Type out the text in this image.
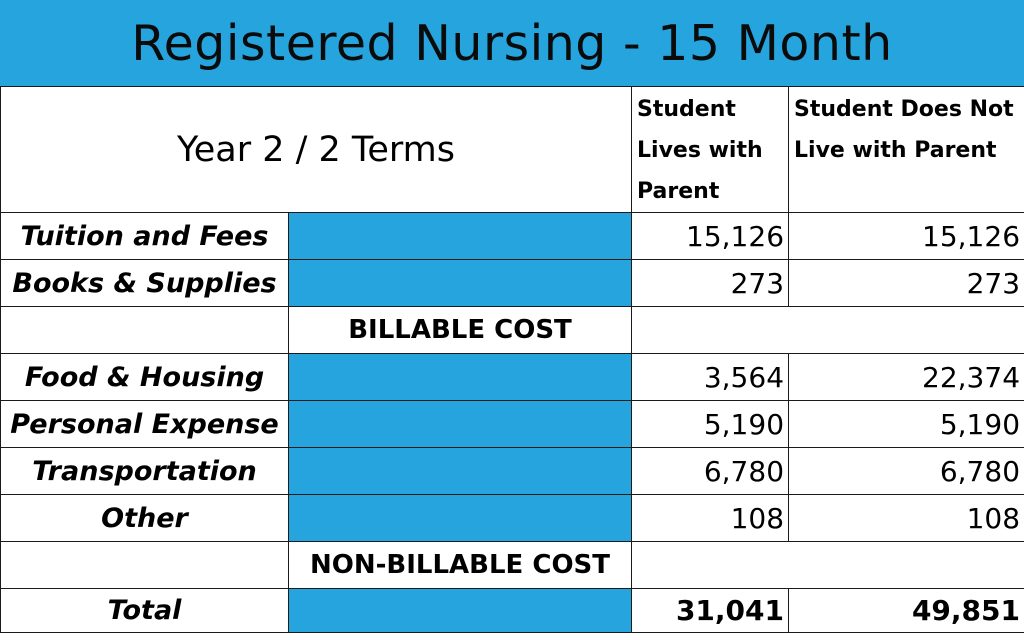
Registered Nursing - 15 Month
Year 2 / 2 Terms		Student Lives with Parent	Student Does Not Live with Parent
Tuition and Fees		15,126	15,126
Books & Supplies		273	273
	BILLABLE COST		
Food & Housing		3,564	22,374
Personal Expense		5,190	5,190
Transportation		6,780	6,780
Other		108	108
	NON-BILLABLE COST		
Total		31,041	49,851
